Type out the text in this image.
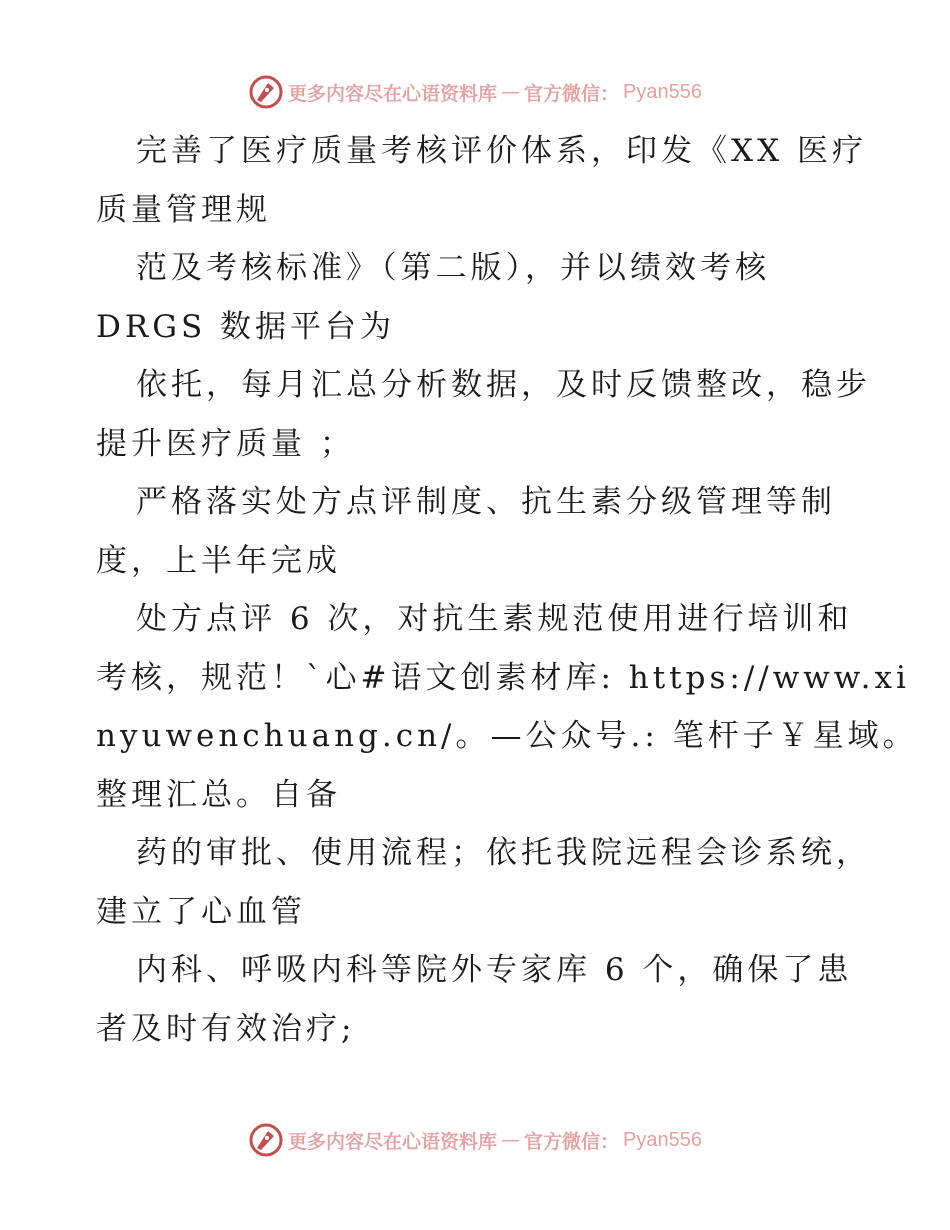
更多内容尽在心语资料库 — 官方微信： Pyan556
完善了医疗质量考核评价体系，印发《XX 医疗
质量管理规
范及考核标准》（第二版），并以绩效考核
DRGS 数据平台为
依托，每月汇总分析数据，及时反馈整改，稳步
提升医疗质量 ；
严格落实处方点评制度、抗生素分级管理等制
度，上半年完成
处方点评 6 次，对抗生素规范使用进行培训和
考核，规范！`心#语文创素材库: https://www.xi
nyuwenchuang.cn/。—公众号.: 笔杆子￥星域。
整理汇总。自备
药的审批、使用流程；依托我院远程会诊系统，
建立了心血管
内科、呼吸内科等院外专家库 6 个，确保了患
者及时有效治疗;
更多内容尽在心语资料库 — 官方微信： Pyan556
